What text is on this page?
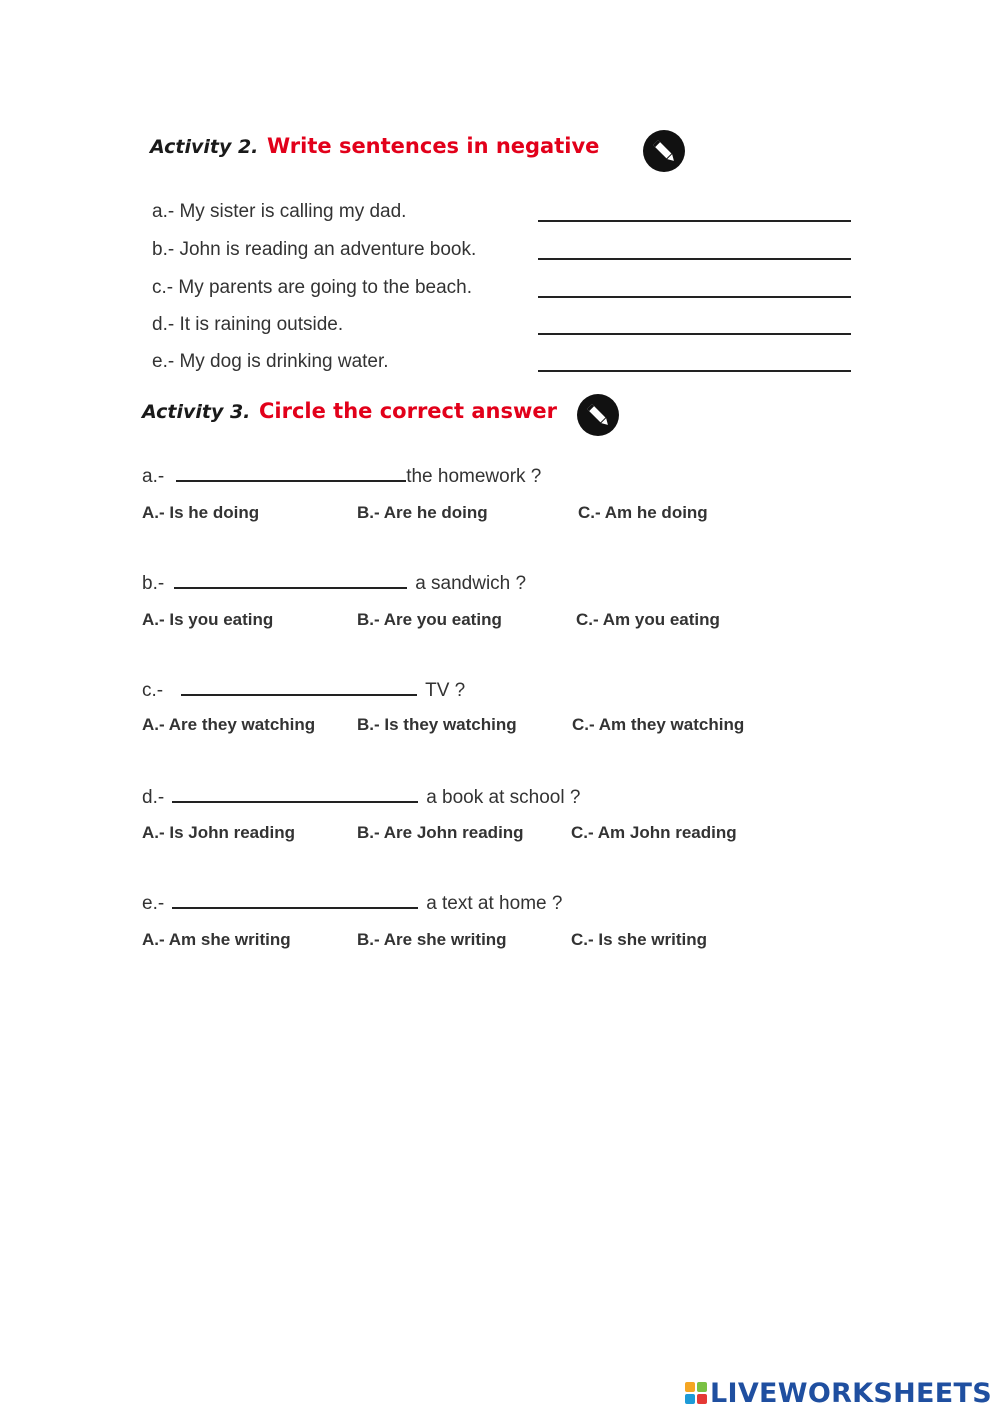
Activity 2. Write sentences in negative
a.- My sister is calling my dad.
b.- John is reading an adventure book.
c.- My parents are going to the beach.
d.- It is raining outside.
e.- My dog is drinking water.
Activity 3. Circle the correct answer
a.-	the homework ?
A.- Is he doing	B.- Are he doing	C.- Am he doing
b.-	a sandwich ?
A.- Is you eating	B.- Are you eating	C.- Am you eating
c.-	TV ?
A.- Are they watching B.- Is they watching	C.- Am they watching
d.-	a book at school ?
A.- Is John reading	B.- Are John reading	C.- Am John reading
e.-	a text at home ?
A.- Am she writing	B.- Are she writing	C.- Is she writing
LIVEWORKSHEETS
